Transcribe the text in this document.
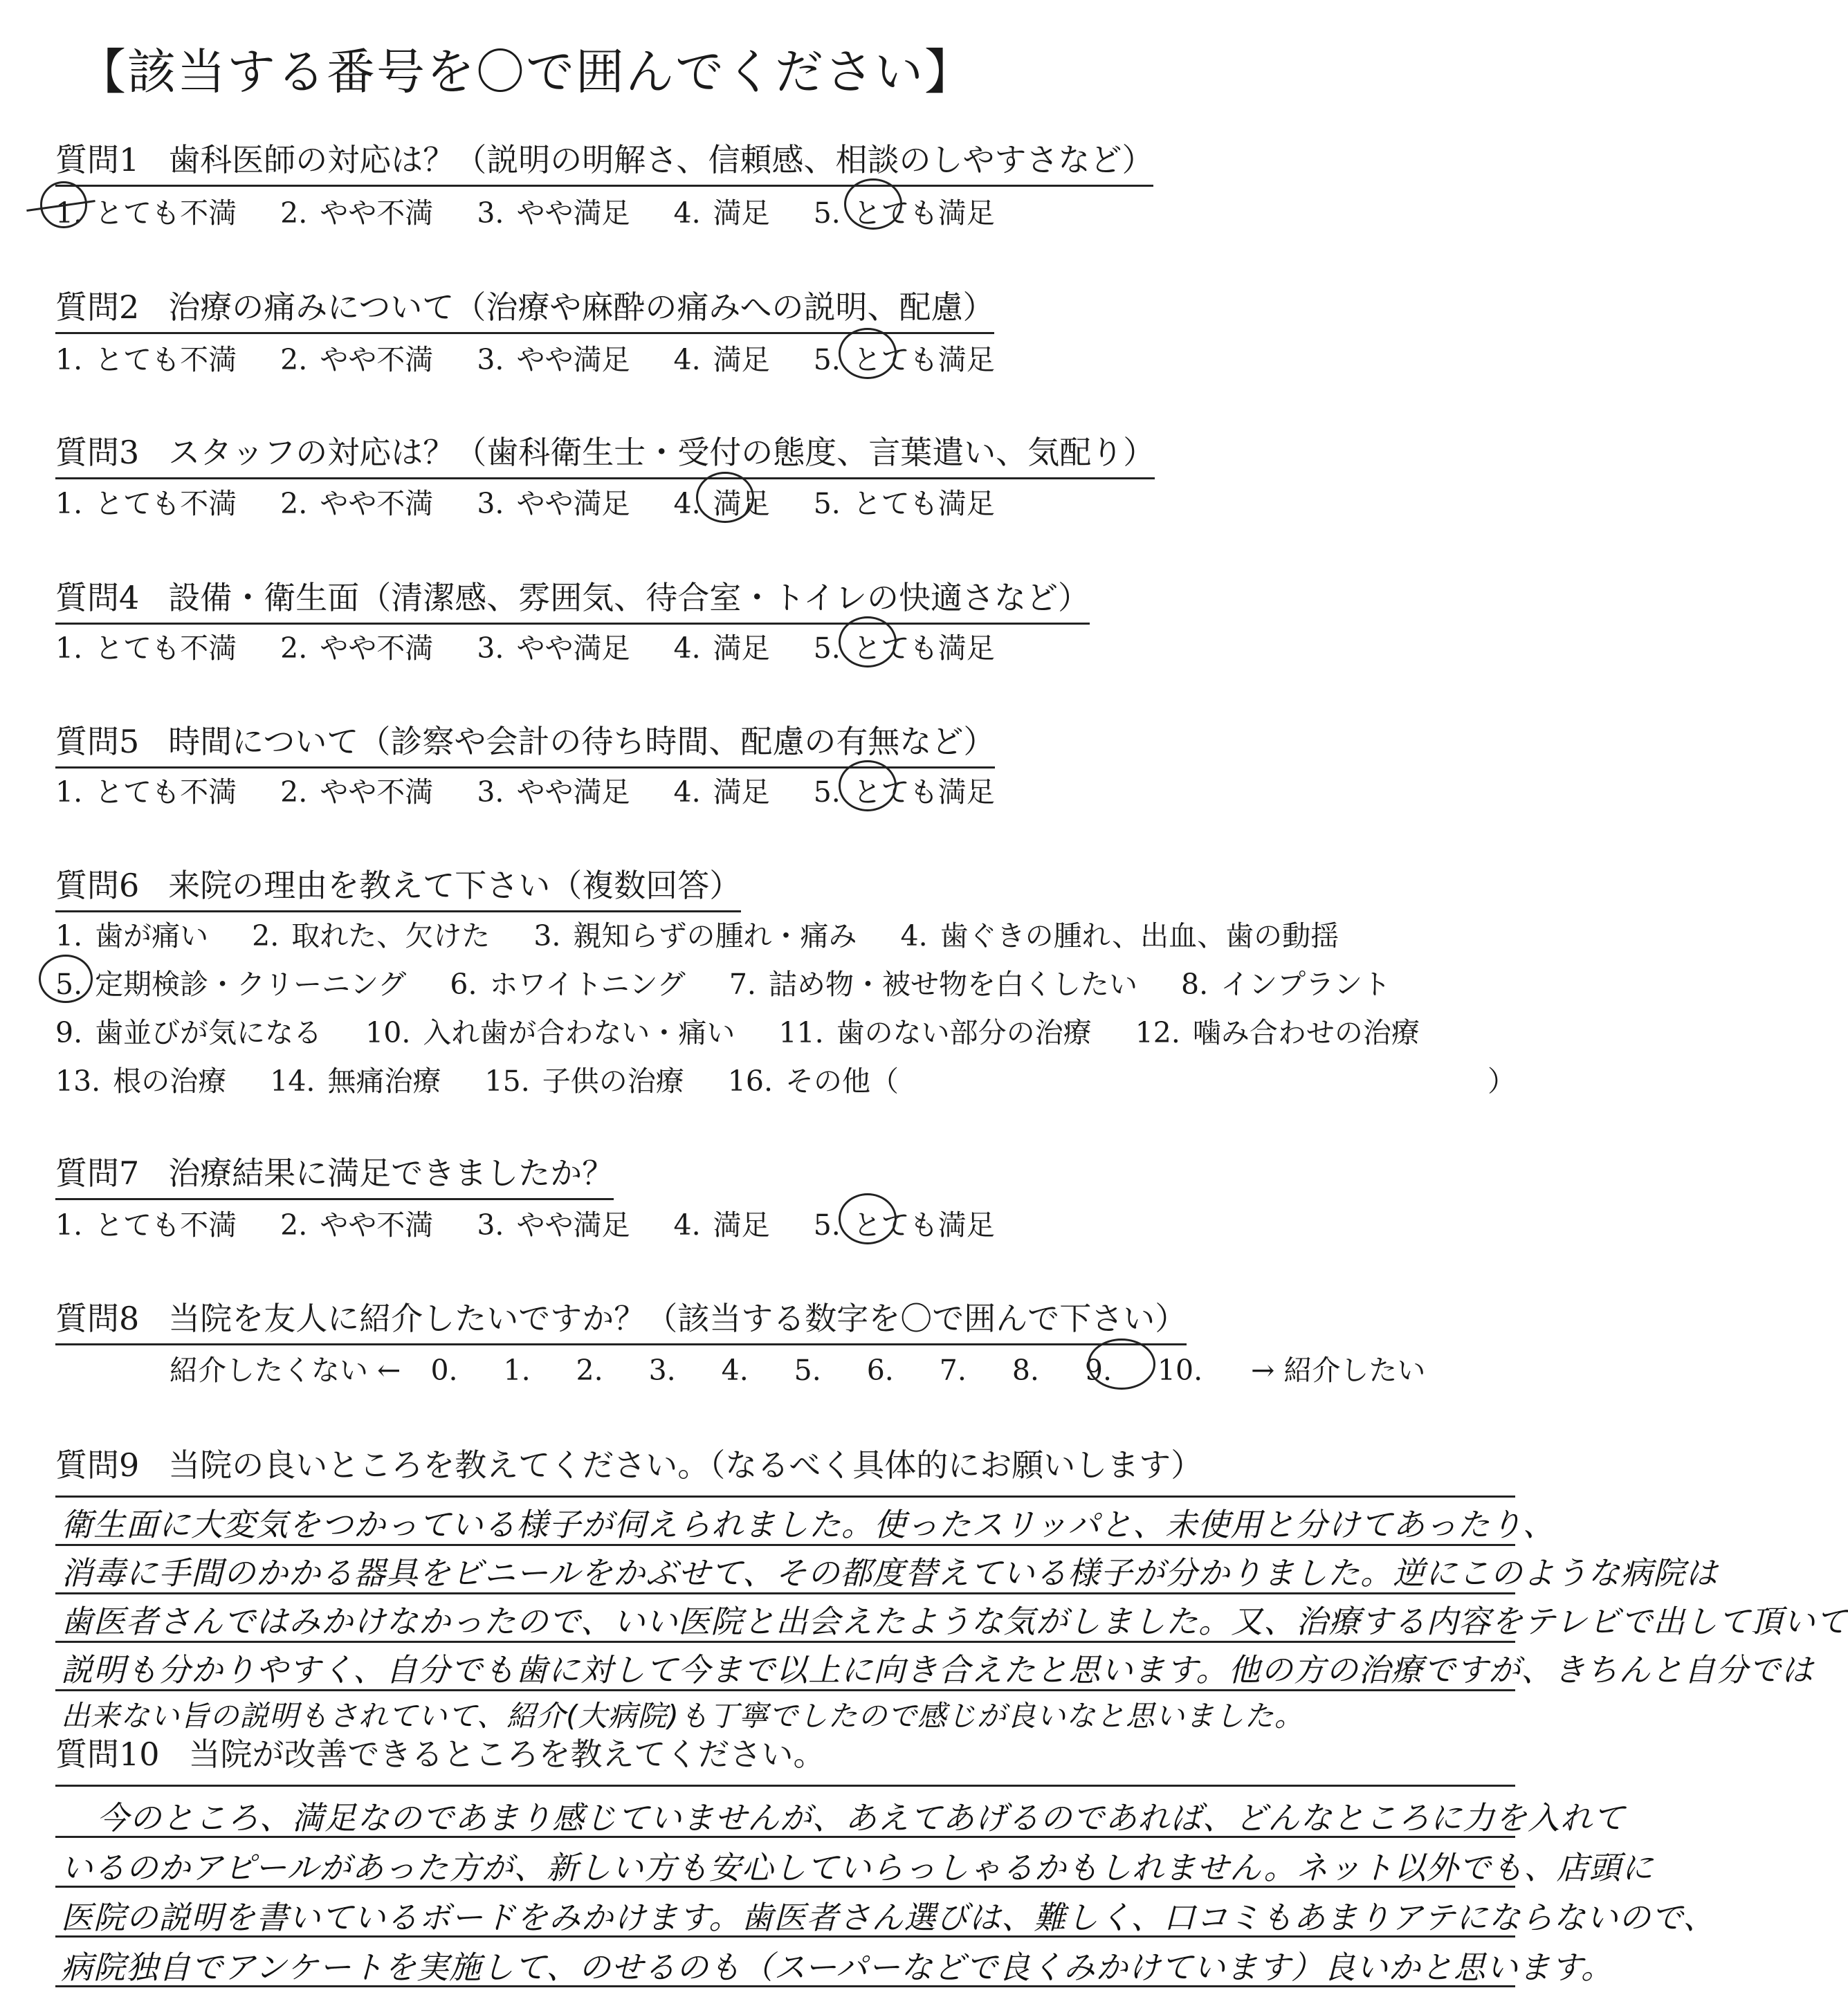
【該当する番号を〇で囲んでください】
質問1 歯科医師の対応は？（説明の明解さ、信頼感、相談のしやすさなど）
1. とても不満 2. やや不満 3. やや満足 4. 満足 5. とても満足
質問2 治療の痛みについて（治療や麻酔の痛みへの説明、配慮）
1. とても不満 2. やや不満 3. やや満足 4. 満足 5. とても満足
質問3 スタッフの対応は？（歯科衛生士・受付の態度、言葉遣い、気配り）
1. とても不満 2. やや不満 3. やや満足 4. 満足 5. とても満足
質問4 設備・衛生面（清潔感、雰囲気、待合室・トイレの快適さなど）
1. とても不満 2. やや不満 3. やや満足 4. 満足 5. とても満足
質問5 時間について（診察や会計の待ち時間、配慮の有無など）
1. とても不満 2. やや不満 3. やや満足 4. 満足 5. とても満足
質問6 来院の理由を教えて下さい（複数回答）
1. 歯が痛い 2. 取れた、欠けた 3. 親知らずの腫れ・痛み 4. 歯ぐきの腫れ、出血、歯の動揺
5. 定期検診・クリーニング 6. ホワイトニング 7. 詰め物・被せ物を白くしたい 8. インプラント
9. 歯並びが気になる 10. 入れ歯が合わない・痛い 11. 歯のない部分の治療 12. 噛み合わせの治療
13. 根の治療 14. 無痛治療 15. 子供の治療 16. その他（	）
質問7 治療結果に満足できましたか？
1. とても不満 2. やや不満 3. やや満足 4. 満足 5. とても満足
質問8 当院を友人に紹介したいですか？（該当する数字を〇で囲んで下さい）
紹介したくない ← 0. 1. 2. 3. 4. 5. 6. 7. 8. 9. 10. → 紹介したい
質問9 当院の良いところを教えてください。（なるべく具体的にお願いします）
衛生面に大変気をつかっている様子が伺えられました。使ったスリッパと、未使用と分けてあったり、
消毒に手間のかかる器具をビニールをかぶせて、その都度替えている様子が分かりました。逆にこのような病院は
歯医者さんではみかけなかったので、いい医院と出会えたような気がしました。又、治療する内容をテレビで出して頂いて
説明も分かりやすく、自分でも歯に対して今まで以上に向き合えたと思います。他の方の治療ですが、きちんと自分では
出来ない旨の説明もされていて、紹介(大病院)も丁寧でしたので感じが良いなと思いました。
質問10 当院が改善できるところを教えてください。
今のところ、満足なのであまり感じていませんが、あえてあげるのであれば、どんなところに力を入れて
いるのかアピールがあった方が、新しい方も安心していらっしゃるかもしれません。ネット以外でも、店頭に
医院の説明を書いているボードをみかけます。歯医者さん選びは、難しく、口コミもあまりアテにならないので、
病院独自でアンケートを実施して、のせるのも（スーパーなどで良くみかけています）良いかと思います。
